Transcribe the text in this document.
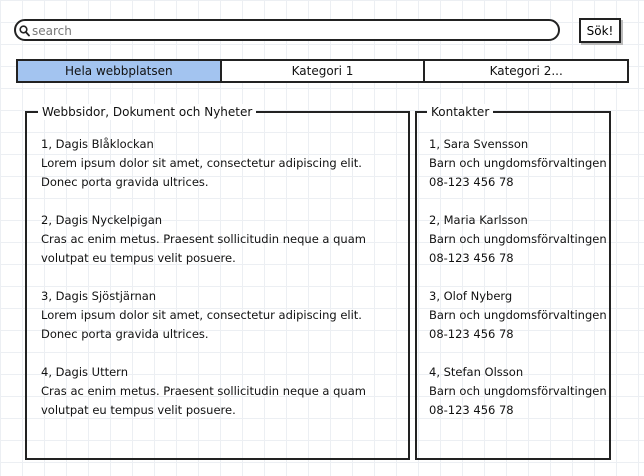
search
Sök!
Hela webbplatsen	Kategori 1	Kategori 2...
Webbsidor, Dokument och Nyheter
1, Dagis Blåklockan
Lorem ipsum dolor sit amet, consectetur adipiscing elit.
Donec porta gravida ultrices.
2, Dagis Nyckelpigan
Cras ac enim metus. Praesent sollicitudin neque a quam
volutpat eu tempus velit posuere.
3, Dagis Sjöstjärnan
Lorem ipsum dolor sit amet, consectetur adipiscing elit.
Donec porta gravida ultrices.
4, Dagis Uttern
Cras ac enim metus. Praesent sollicitudin neque a quam
volutpat eu tempus velit posuere.
Kontakter
1, Sara Svensson
Barn och ungdomsförvaltingen
08-123 456 78
2, Maria Karlsson
Barn och ungdomsförvaltingen
08-123 456 78
3, Olof Nyberg
Barn och ungdomsförvaltingen
08-123 456 78
4, Stefan Olsson
Barn och ungdomsförvaltingen
08-123 456 78
